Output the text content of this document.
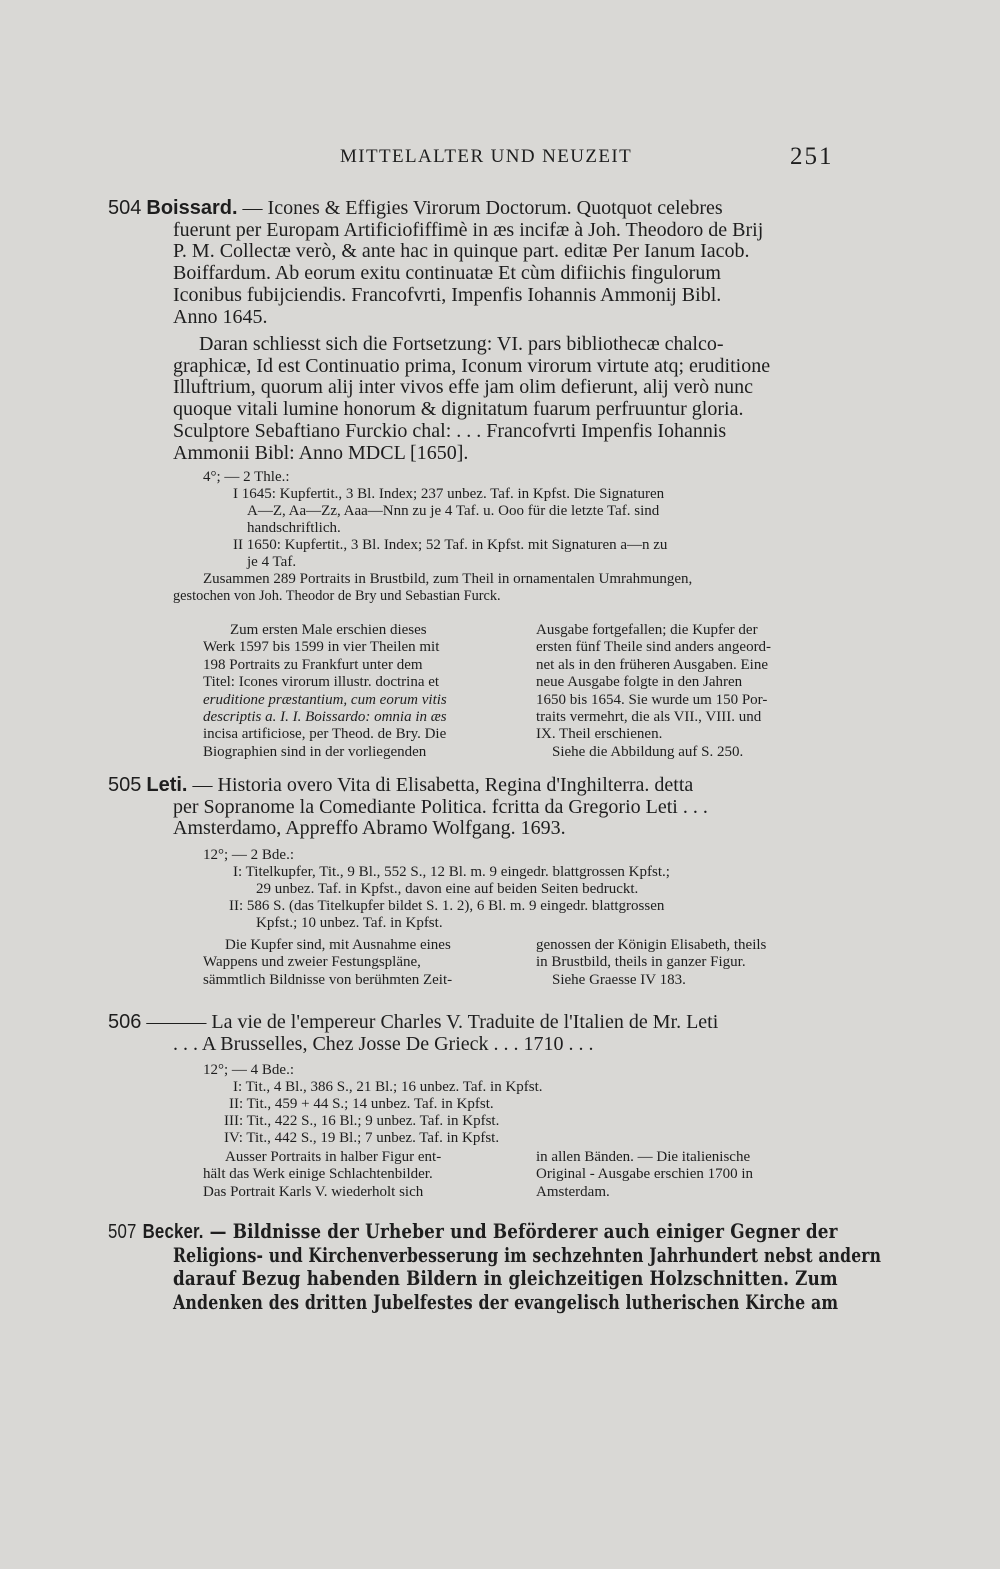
MITTELALTER UND NEUZEIT	251
504 Boissard. — Icones & Effigies Virorum Doctorum. Quotquot celebres
fuerunt per Europam Artificiofiffimè in æs incifæ à Joh. Theodoro de Brij
P. M. Collectæ verò, & ante hac in quinque part. editæ Per Ianum Iacob.
Boiffardum. Ab eorum exitu continuatæ Et cùm difiichis fingulorum
Iconibus fubijciendis. Francofvrti, Impenfis Iohannis Ammonij Bibl.
Anno 1645.
Daran schliesst sich die Fortsetzung: VI. pars bibliothecæ chalco-
graphicæ, Id est Continuatio prima, Iconum virorum virtute atq; eruditione
Illuftrium, quorum alij inter vivos effe jam olim defierunt, alij verò nunc
quoque vitali lumine honorum & dignitatum fuarum perfruuntur gloria.
Sculptore Sebaftiano Furckio chal: . . . Francofvrti Impenfis Iohannis
Ammonii Bibl: Anno MDCL [1650].
4°; — 2 Thle.:
I 1645: Kupfertit., 3 Bl. Index; 237 unbez. Taf. in Kpfst. Die Signaturen
A—Z, Aa—Zz, Aaa—Nnn zu je 4 Taf. u. Ooo für die letzte Taf. sind
handschriftlich.
II 1650: Kupfertit., 3 Bl. Index; 52 Taf. in Kpfst. mit Signaturen a—n zu
je 4 Taf.
Zusammen 289 Portraits in Brustbild, zum Theil in ornamentalen Umrahmungen,
gestochen von Joh. Theodor de Bry und Sebastian Furck.
Zum ersten Male erschien dieses
Werk 1597 bis 1599 in vier Theilen mit
198 Portraits zu Frankfurt unter dem
Titel: Icones virorum illustr. doctrina et
eruditione præstantium, cum eorum vitis
descriptis a. I. I. Boissardo: omnia in æs
incisa artificiose, per Theod. de Bry. Die
Biographien sind in der vorliegenden
Ausgabe fortgefallen; die Kupfer der
ersten fünf Theile sind anders angeord-
net als in den früheren Ausgaben. Eine
neue Ausgabe folgte in den Jahren
1650 bis 1654. Sie wurde um 150 Por-
traits vermehrt, die als VII., VIII. und
IX. Theil erschienen.
Siehe die Abbildung auf S. 250.
505 Leti. — Historia overo Vita di Elisabetta, Regina d'Inghilterra. detta
per Sopranome la Comediante Politica. fcritta da Gregorio Leti . . .
Amsterdamo, Appreffo Abramo Wolfgang. 1693.
12°; — 2 Bde.:
I: Titelkupfer, Tit., 9 Bl., 552 S., 12 Bl. m. 9 eingedr. blattgrossen Kpfst.;
29 unbez. Taf. in Kpfst., davon eine auf beiden Seiten bedruckt.
II: 586 S. (das Titelkupfer bildet S. 1. 2), 6 Bl. m. 9 eingedr. blattgrossen
Kpfst.; 10 unbez. Taf. in Kpfst.
Die Kupfer sind, mit Ausnahme eines
Wappens und zweier Festungspläne,
sämmtlich Bildnisse von berühmten Zeit-
genossen der Königin Elisabeth, theils
in Brustbild, theils in ganzer Figur.
Siehe Graesse IV 183.
506 ——— La vie de l'empereur Charles V. Traduite de l'Italien de Mr. Leti
. . . A Brusselles, Chez Josse De Grieck . . . 1710 . . .
12°; — 4 Bde.:
I: Tit., 4 Bl., 386 S., 21 Bl.; 16 unbez. Taf. in Kpfst.
II: Tit., 459 + 44 S.; 14 unbez. Taf. in Kpfst.
III: Tit., 422 S., 16 Bl.; 9 unbez. Taf. in Kpfst.
IV: Tit., 442 S., 19 Bl.; 7 unbez. Taf. in Kpfst.
Ausser Portraits in halber Figur ent-
hält das Werk einige Schlachtenbilder.
Das Portrait Karls V. wiederholt sich
in allen Bänden. — Die italienische
Original - Ausgabe erschien 1700 in
Amsterdam.
507 Becker. — Bildnisse der Urheber und Beförderer auch einiger Gegner der
Religions- und Kirchenverbesserung im sechzehnten Jahrhundert nebst andern
darauf Bezug habenden Bildern in gleichzeitigen Holzschnitten. Zum
Andenken des dritten Jubelfestes der evangelisch lutherischen Kirche am
